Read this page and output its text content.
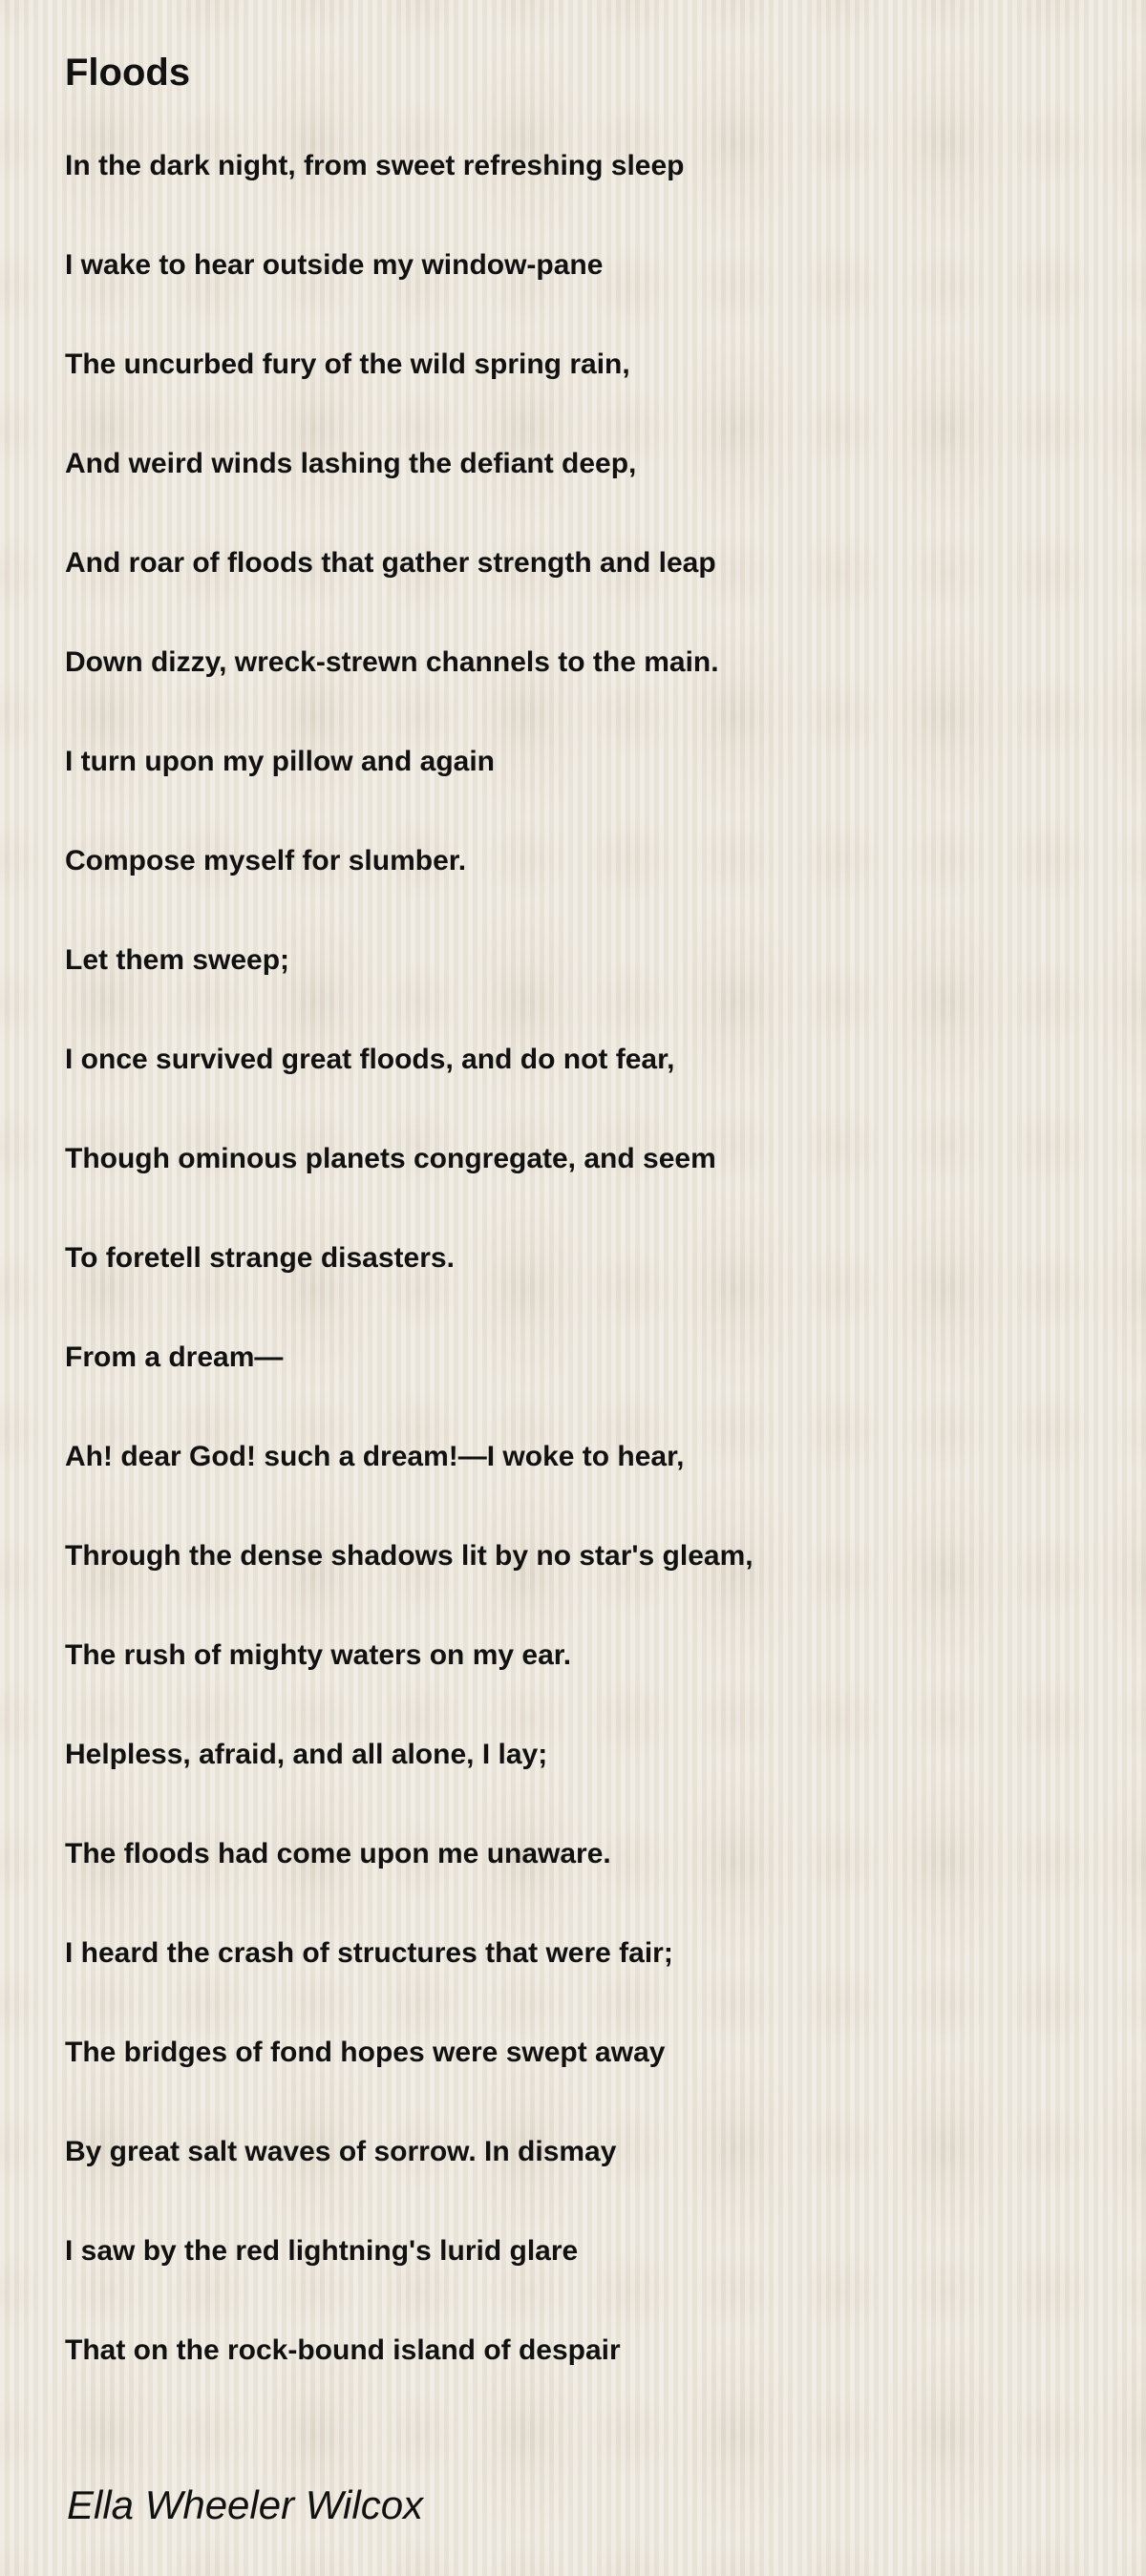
Floods
In the dark night, from sweet refreshing sleep
I wake to hear outside my window-pane
The uncurbed fury of the wild spring rain,
And weird winds lashing the defiant deep,
And roar of floods that gather strength and leap
Down dizzy, wreck-strewn channels to the main.
I turn upon my pillow and again
Compose myself for slumber.
Let them sweep;
I once survived great floods, and do not fear,
Though ominous planets congregate, and seem
To foretell strange disasters.
From a dream—
Ah! dear God! such a dream!—I woke to hear,
Through the dense shadows lit by no star's gleam,
The rush of mighty waters on my ear.
Helpless, afraid, and all alone, I lay;
The floods had come upon me unaware.
I heard the crash of structures that were fair;
The bridges of fond hopes were swept away
By great salt waves of sorrow. In dismay
I saw by the red lightning's lurid glare
That on the rock-bound island of despair

Ella Wheeler Wilcox
